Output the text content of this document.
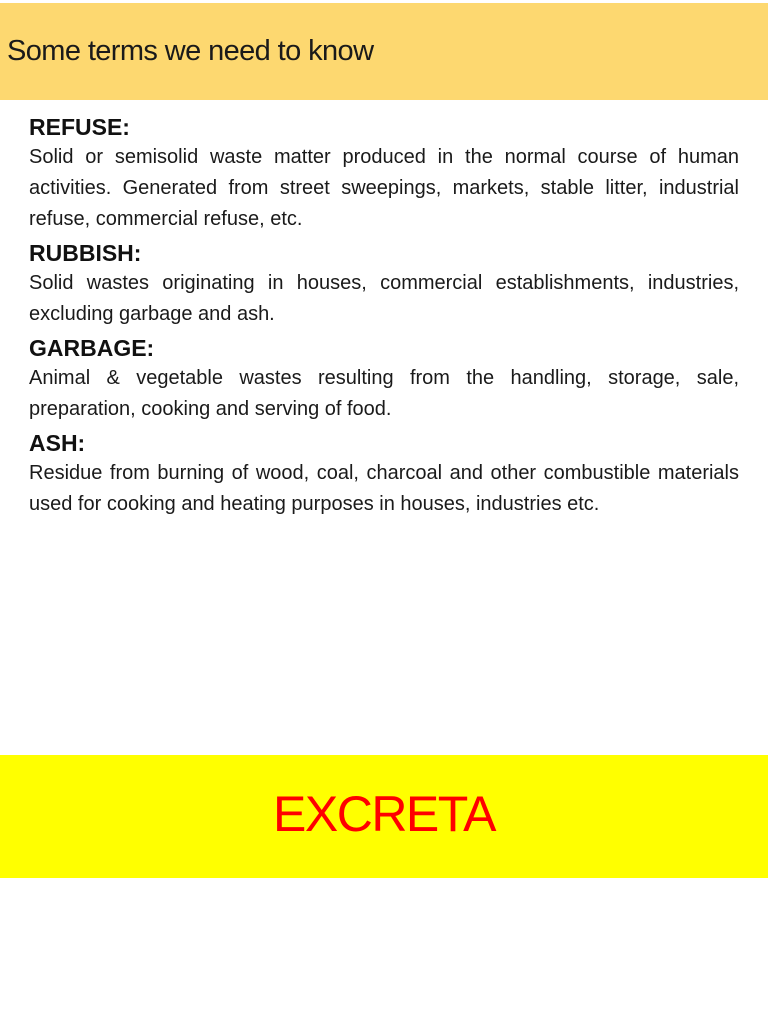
Some terms we need to know
REFUSE:

Solid or semisolid waste matter produced in the normal course of human activities. Generated from street sweepings, markets, stable litter, industrial refuse, commercial refuse, etc.

RUBBISH:

Solid wastes originating in houses, commercial establishments, industries, excluding garbage and ash.

GARBAGE:

Animal & vegetable wastes resulting from the handling, storage, sale, preparation, cooking and serving of food.

ASH:

Residue from burning of wood, coal, charcoal and other combustible materials used for cooking and heating purposes in houses, industries etc.

EXCRETA
